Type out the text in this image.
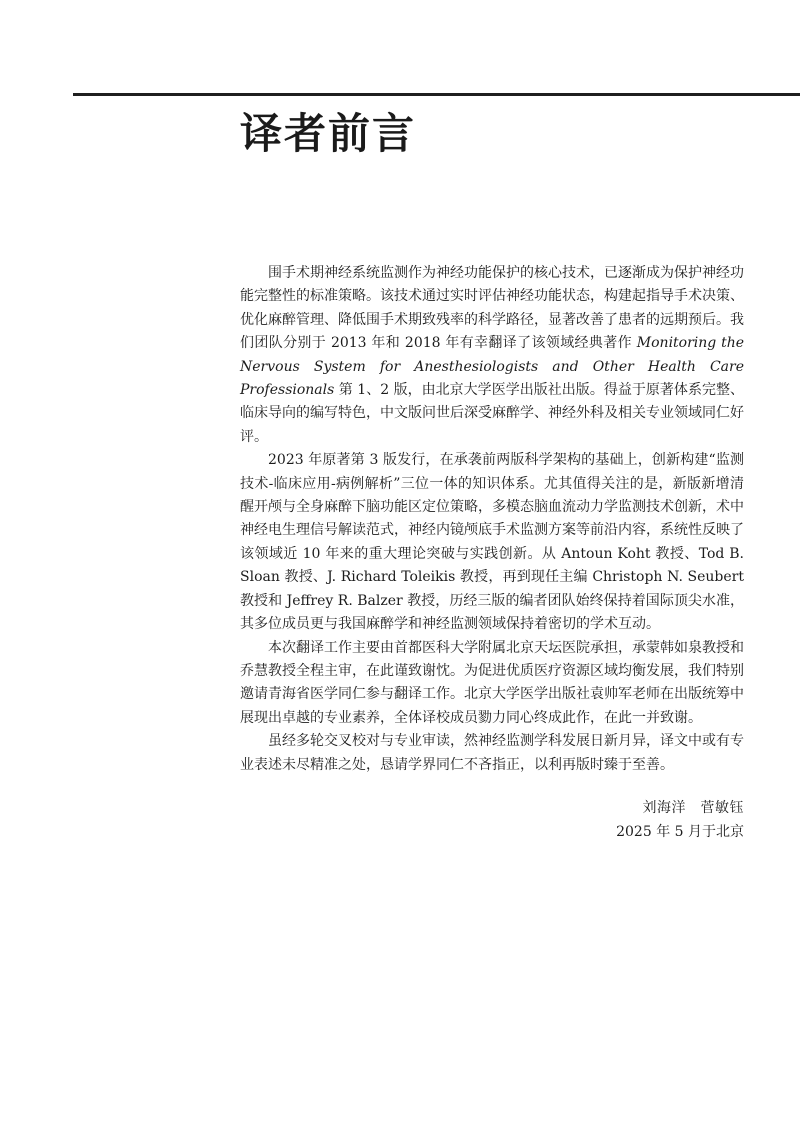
译者前言

围手术期神经系统监测作为神经功能保护的核心技术，已逐渐成为保护神经功能完整性的标准策略。该技术通过实时评估神经功能状态，构建起指导手术决策、优化麻醉管理、降低围手术期致残率的科学路径，显著改善了患者的远期预后。我们团队分别于 2013 年和 2018 年有幸翻译了该领域经典著作 Monitoring the Nervous System for Anesthesiologists and Other Health Care Professionals 第 1、2 版，由北京大学医学出版社出版。得益于原著体系完整、临床导向的编写特色，中文版问世后深受麻醉学、神经外科及相关专业领域同仁好评。

2023 年原著第 3 版发行，在承袭前两版科学架构的基础上，创新构建“监测技术-临床应用-病例解析”三位一体的知识体系。尤其值得关注的是，新版新增清醒开颅与全身麻醉下脑功能区定位策略，多模态脑血流动力学监测技术创新，术中神经电生理信号解读范式，神经内镜颅底手术监测方案等前沿内容，系统性反映了该领域近 10 年来的重大理论突破与实践创新。从 Antoun Koht 教授、Tod B. Sloan 教授、J. Richard Toleikis 教授，再到现任主编 Christoph N. Seubert 教授和 Jeffrey R. Balzer 教授，历经三版的编者团队始终保持着国际顶尖水准，其多位成员更与我国麻醉学和神经监测领域保持着密切的学术互动。

本次翻译工作主要由首都医科大学附属北京天坛医院承担，承蒙韩如泉教授和乔慧教授全程主审，在此谨致谢忱。为促进优质医疗资源区域均衡发展，我们特别邀请青海省医学同仁参与翻译工作。北京大学医学出版社袁帅军老师在出版统筹中展现出卓越的专业素养，全体译校成员勠力同心终成此作，在此一并致谢。

虽经多轮交叉校对与专业审读，然神经监测学科发展日新月异，译文中或有专业表述未尽精准之处，恳请学界同仁不吝指正，以利再版时臻于至善。

刘海洋　菅敏钰
2025 年 5 月于北京
